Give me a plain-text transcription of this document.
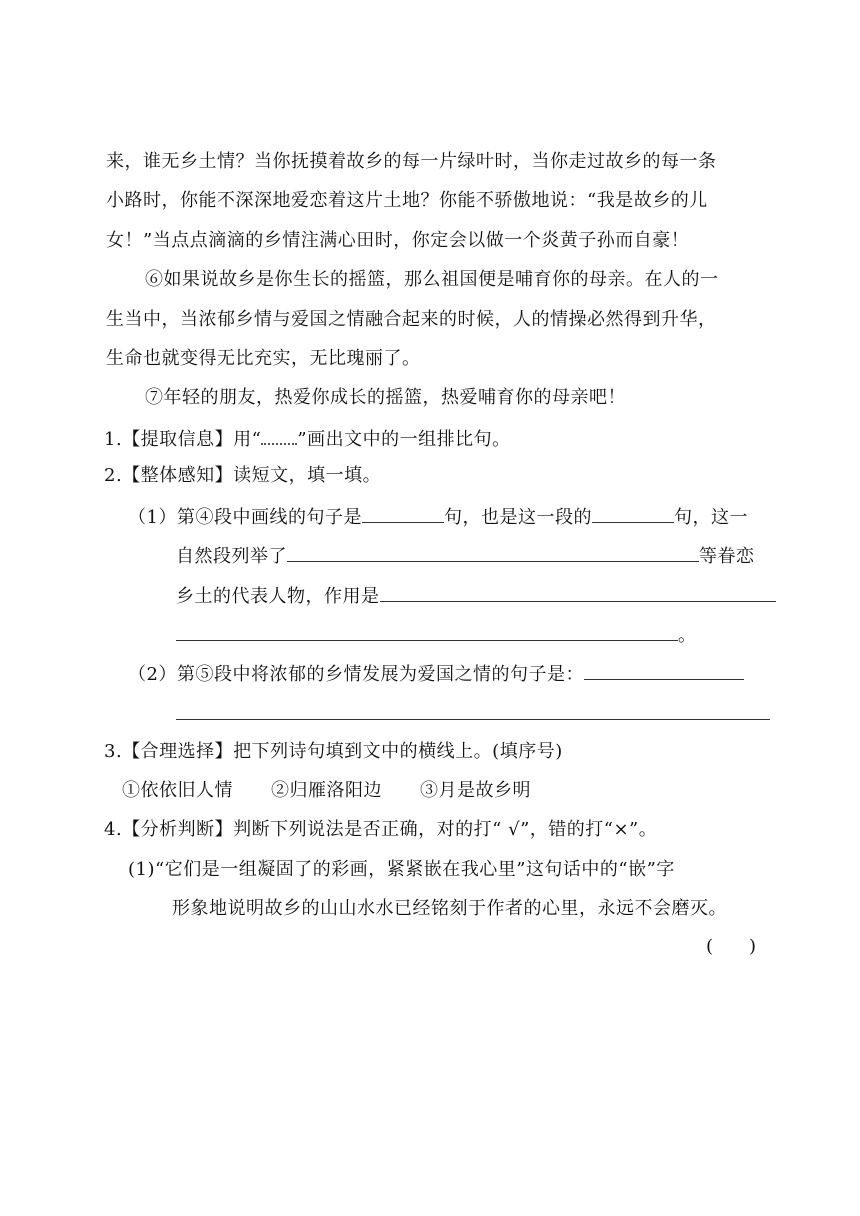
来，谁无乡土情？当你抚摸着故乡的每一片绿叶时，当你走过故乡的每一条
小路时，你能不深深地爱恋着这片土地？你能不骄傲地说：“我是故乡的儿
女！”当点点滴滴的乡情注满心田时，你定会以做一个炎黄子孙而自豪！
⑥如果说故乡是你生长的摇篮，那么祖国便是哺育你的母亲。在人的一
生当中，当浓郁乡情与爱国之情融合起来的时候，人的情操必然得到升华，
生命也就变得无比充实，无比瑰丽了。
⑦年轻的朋友，热爱你成长的摇篮，热爱哺育你的母亲吧！
1.【提取信息】用“ ”画出文中的一组排比句。
2.【整体感知】读短文，填一填。
（1）第④段中画线的句子是	句，也是这一段的	句，这一
自然段列举了	等眷恋
乡土的代表人物，作用是
。
（2）第⑤段中将浓郁的乡情发展为爱国之情的句子是：
3.【合理选择】把下列诗句填到文中的横线上。(填序号)
①依依旧人情 ②归雁洛阳边 ③月是故乡明
4.【分析判断】判断下列说法是否正确，对的打“ √”，错的打“×”。
(1)“它们是一组凝固了的彩画，紧紧嵌在我心里”这句话中的“嵌”字
形象地说明故乡的山山水水已经铭刻于作者的心里，永远不会磨灭。
(　　)
